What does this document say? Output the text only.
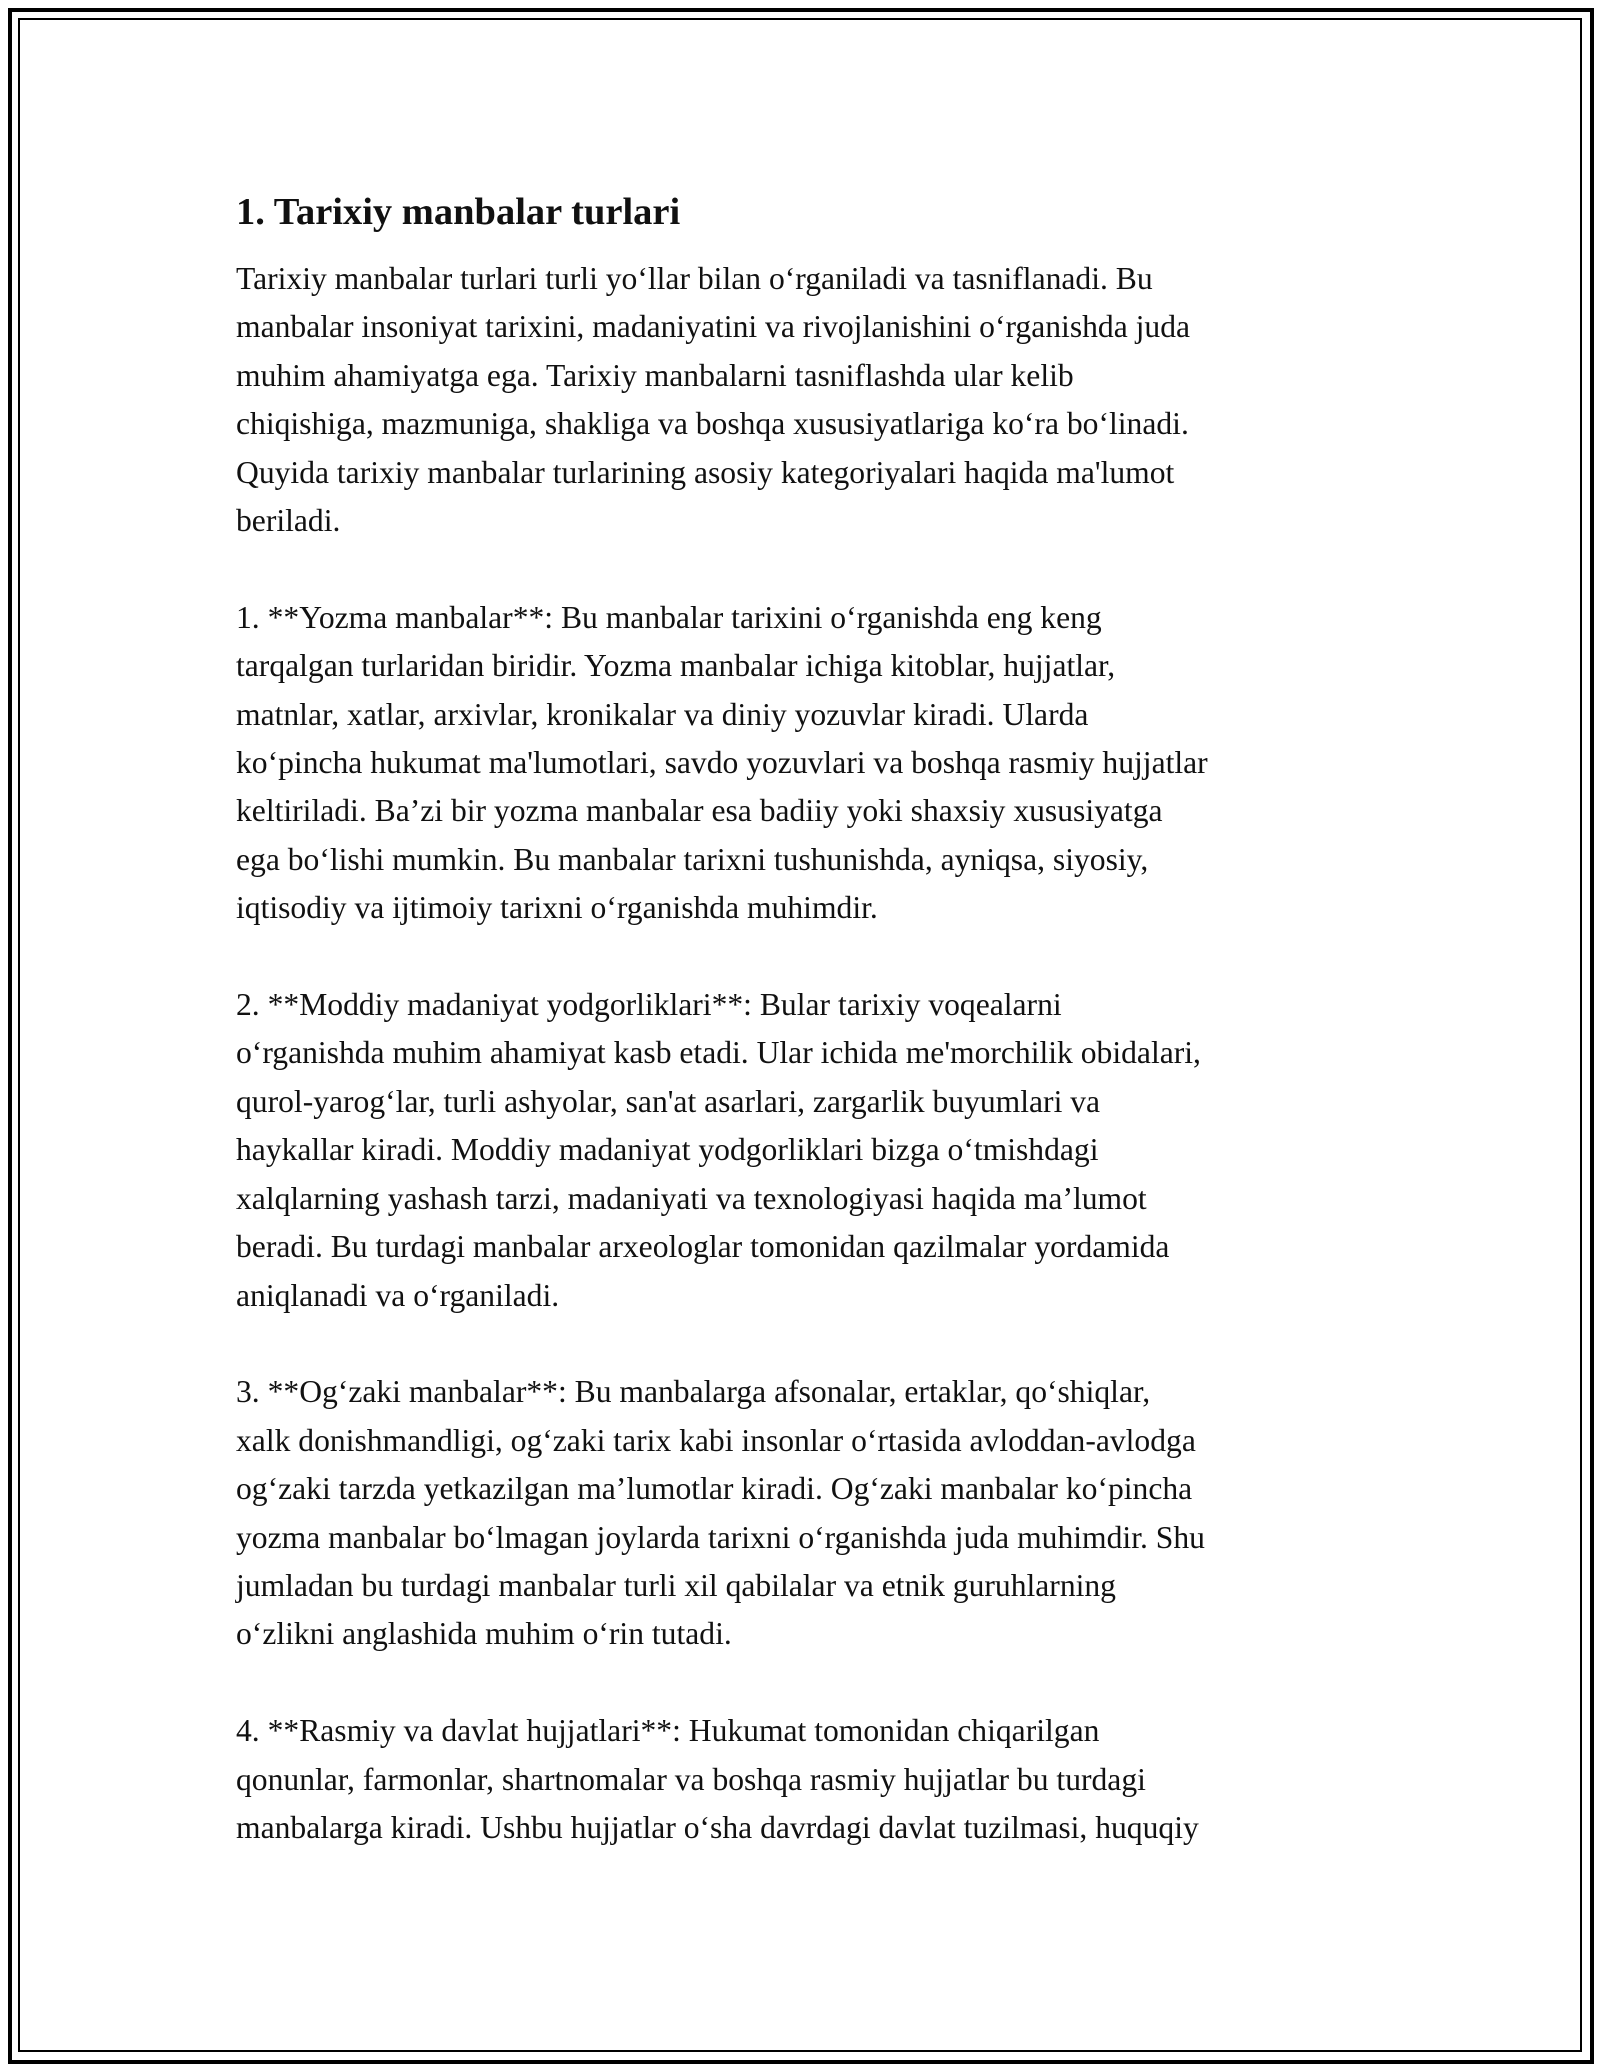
1. Tarixiy manbalar turlari

Tarixiy manbalar turlari turli yo‘llar bilan o‘rganiladi va tasniflanadi. Bu
manbalar insoniyat tarixini, madaniyatini va rivojlanishini o‘rganishda juda
muhim ahamiyatga ega. Tarixiy manbalarni tasniflashda ular kelib
chiqishiga, mazmuniga, shakliga va boshqa xususiyatlariga ko‘ra bo‘linadi.
Quyida tarixiy manbalar turlarining asosiy kategoriyalari haqida ma'lumot
beriladi.

1. **Yozma manbalar**: Bu manbalar tarixini o‘rganishda eng keng
tarqalgan turlaridan biridir. Yozma manbalar ichiga kitoblar, hujjatlar,
matnlar, xatlar, arxivlar, kronikalar va diniy yozuvlar kiradi. Ularda
ko‘pincha hukumat ma'lumotlari, savdo yozuvlari va boshqa rasmiy hujjatlar
keltiriladi. Ba’zi bir yozma manbalar esa badiiy yoki shaxsiy xususiyatga
ega bo‘lishi mumkin. Bu manbalar tarixni tushunishda, ayniqsa, siyosiy,
iqtisodiy va ijtimoiy tarixni o‘rganishda muhimdir.

2. **Moddiy madaniyat yodgorliklari**: Bular tarixiy voqealarni
o‘rganishda muhim ahamiyat kasb etadi. Ular ichida me'morchilik obidalari,
qurol-yarog‘lar, turli ashyolar, san'at asarlari, zargarlik buyumlari va
haykallar kiradi. Moddiy madaniyat yodgorliklari bizga o‘tmishdagi
xalqlarning yashash tarzi, madaniyati va texnologiyasi haqida ma’lumot
beradi. Bu turdagi manbalar arxeologlar tomonidan qazilmalar yordamida
aniqlanadi va o‘rganiladi.

3. **Og‘zaki manbalar**: Bu manbalarga afsonalar, ertaklar, qo‘shiqlar,
xalk donishmandligi, og‘zaki tarix kabi insonlar o‘rtasida avloddan-avlodga
og‘zaki tarzda yetkazilgan ma’lumotlar kiradi. Og‘zaki manbalar ko‘pincha
yozma manbalar bo‘lmagan joylarda tarixni o‘rganishda juda muhimdir. Shu
jumladan bu turdagi manbalar turli xil qabilalar va etnik guruhlarning
o‘zlikni anglashida muhim o‘rin tutadi.

4. **Rasmiy va davlat hujjatlari**: Hukumat tomonidan chiqarilgan
qonunlar, farmonlar, shartnomalar va boshqa rasmiy hujjatlar bu turdagi
manbalarga kiradi. Ushbu hujjatlar o‘sha davrdagi davlat tuzilmasi, huquqiy
